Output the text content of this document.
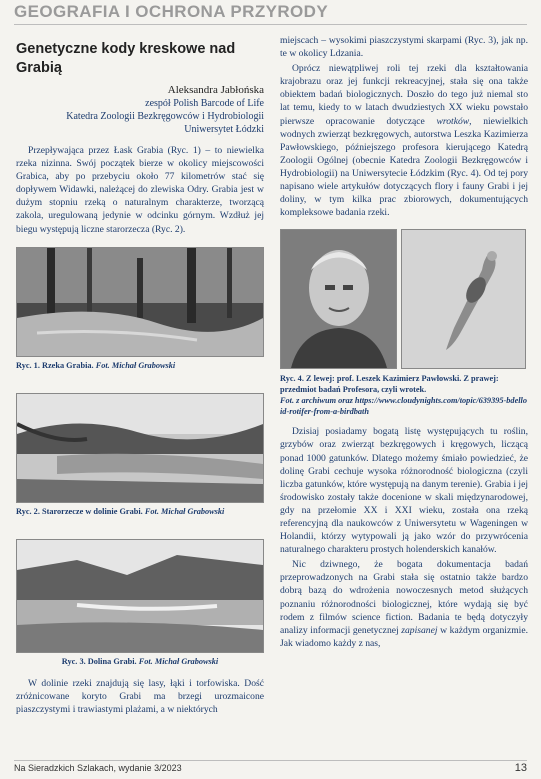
GEOGRAFIA I OCHRONA PRZYRODY
Genetyczne kody kreskowe nad Grabią
Aleksandra Jabłońska
zespół Polish Barcode of Life
Katedra Zoologii Bezkręgowców i Hydrobiologii
Uniwersytet Łódzki

Przepływająca przez Łask Grabia (Ryc. 1) – to niewielka rzeka nizinna. Swój początek bierze w okolicy miejscowości Grabica, aby po przebyciu około 77 kilometrów stać się dopływem Widawki, należącej do zlewiska Odry. Grabia jest w dużym stopniu rzeką o naturalnym charakterze, tworzącą zakola, uregulowaną jedynie w odcinku górnym. Wzdłuż jej biegu występują liczne starorzecza (Ryc. 2).

Ryc. 1. Rzeka Grabia. Fot. Michał Grabowski
Ryc. 2. Starorzecze w dolinie Grabi. Fot. Michał Grabowski
Ryc. 3. Dolina Grabi. Fot. Michał Grabowski

W dolinie rzeki znajdują się lasy, łąki i torfowiska. Dość zróżnicowane koryto Grabi ma brzegi urozmaicone piaszczystymi i trawiastymi plażami, a w niektórych

miejscach – wysokimi piaszczystymi skarpami (Ryc. 3), jak np. te w okolicy Ldzania.

Oprócz niewątpliwej roli tej rzeki dla kształtowania krajobrazu oraz jej funkcji rekreacyjnej, stała się ona także obiektem badań biologicznych. Doszło do tego już niemal sto lat temu, kiedy to w latach dwudziestych XX wieku powstało pierwsze opracowanie dotyczące wrotków, niewielkich wodnych zwierząt bezkręgowych, autorstwa Leszka Kazimierza Pawłowskiego, późniejszego profesora kierującego Katedrą Zoologii Ogólnej (obecnie Katedra Zoologii Bezkręgowców i Hydrobiologii) na Uniwersytecie Łódzkim (Ryc. 4). Od tej pory napisano wiele artykułów dotyczących flory i fauny Grabi i jej doliny, w tym kilka prac zbiorowych, dokumentujących kompleksowe badania rzeki.

Ryc. 4. Z lewej: prof. Leszek Kazimierz Pawłowski. Z prawej: przedmiot badań Profesora, czyli wrotek.
Fot. z archiwum oraz https://www.cloudynights.com/topic/639395-bdelloid-rotifer-from-a-birdbath

Dzisiaj posiadamy bogatą listę występujących tu roślin, grzybów oraz zwierząt bezkręgowych i kręgowych, liczącą ponad 1000 gatunków. Dlatego możemy śmiało powiedzieć, że dolinę Grabi cechuje wysoka różnorodność biologiczna (czyli liczba gatunków, które występują na danym terenie). Grabia i jej środowisko zostały także docenione w skali międzynarodowej, gdy na przełomie XX i XXI wieku, została ona rzeką referencyjną dla naukowców z Uniwersytetu w Wageningen w Holandii, którzy wytypowali ją jako wzór do przywrócenia naturalnego charakteru prostych holenderskich kanałów.

Nic dziwnego, że bogata dokumentacja badań przeprowadzonych na Grabi stała się ostatnio także bardzo dobrą bazą do wdrożenia nowoczesnych metod służących poznaniu różnorodności biologicznej, które wydają się być rodem z filmów science fiction. Badania te będą dotyczyły analizy informacji genetycznej zapisanej w każdym organizmie. Jak wiadomo każdy z nas,

Na Sieradzkich Szlakach, wydanie 3/2023	13
